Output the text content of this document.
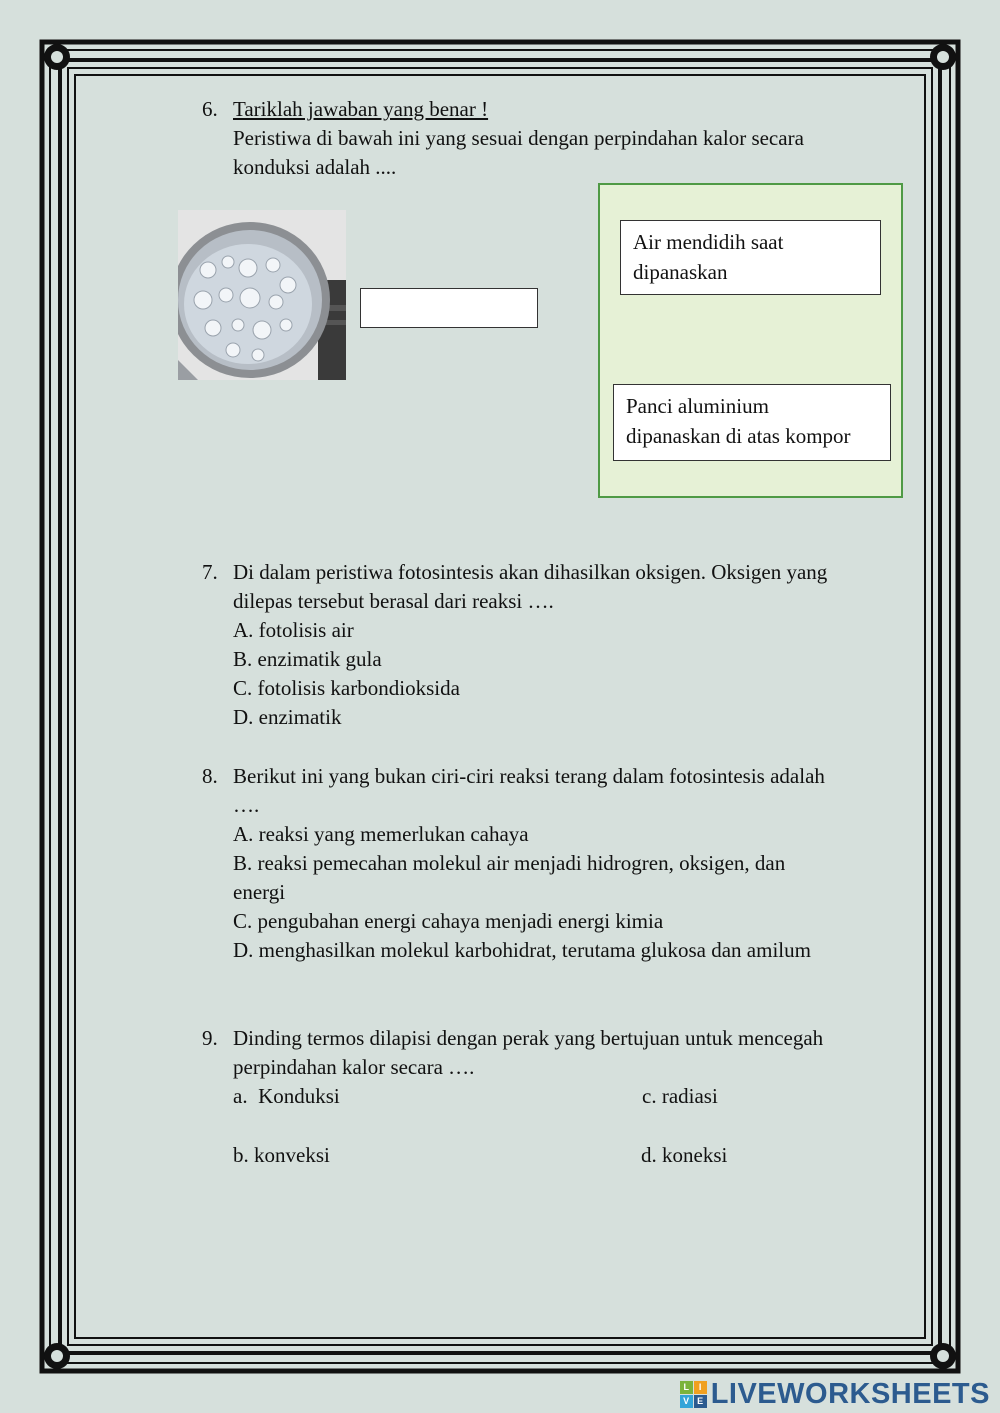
6. Tariklah jawaban yang benar !
Peristiwa di bawah ini yang sesuai dengan perpindahan kalor secara
konduksi adalah ....
Air mendidih saat
dipanaskan
Panci aluminium
dipanaskan di atas kompor
7. Di dalam peristiwa fotosintesis akan dihasilkan oksigen. Oksigen yang
dilepas tersebut berasal dari reaksi ….
A. fotolisis air
B. enzimatik gula
C. fotolisis karbondioksida
D. enzimatik
8. Berikut ini yang bukan ciri-ciri reaksi terang dalam fotosintesis adalah
….
A. reaksi yang memerlukan cahaya
B. reaksi pemecahan molekul air menjadi hidrogren, oksigen, dan
energi
C. pengubahan energi cahaya menjadi energi kimia
D. menghasilkan molekul karbohidrat, terutama glukosa dan amilum
9. Dinding termos dilapisi dengan perak yang bertujuan untuk mencegah
perpindahan kalor secara ….
a.  Konduksi	c. radiasi
b. konveksi	d. koneksi
L	I
V E LIVEWORKSHEETS
